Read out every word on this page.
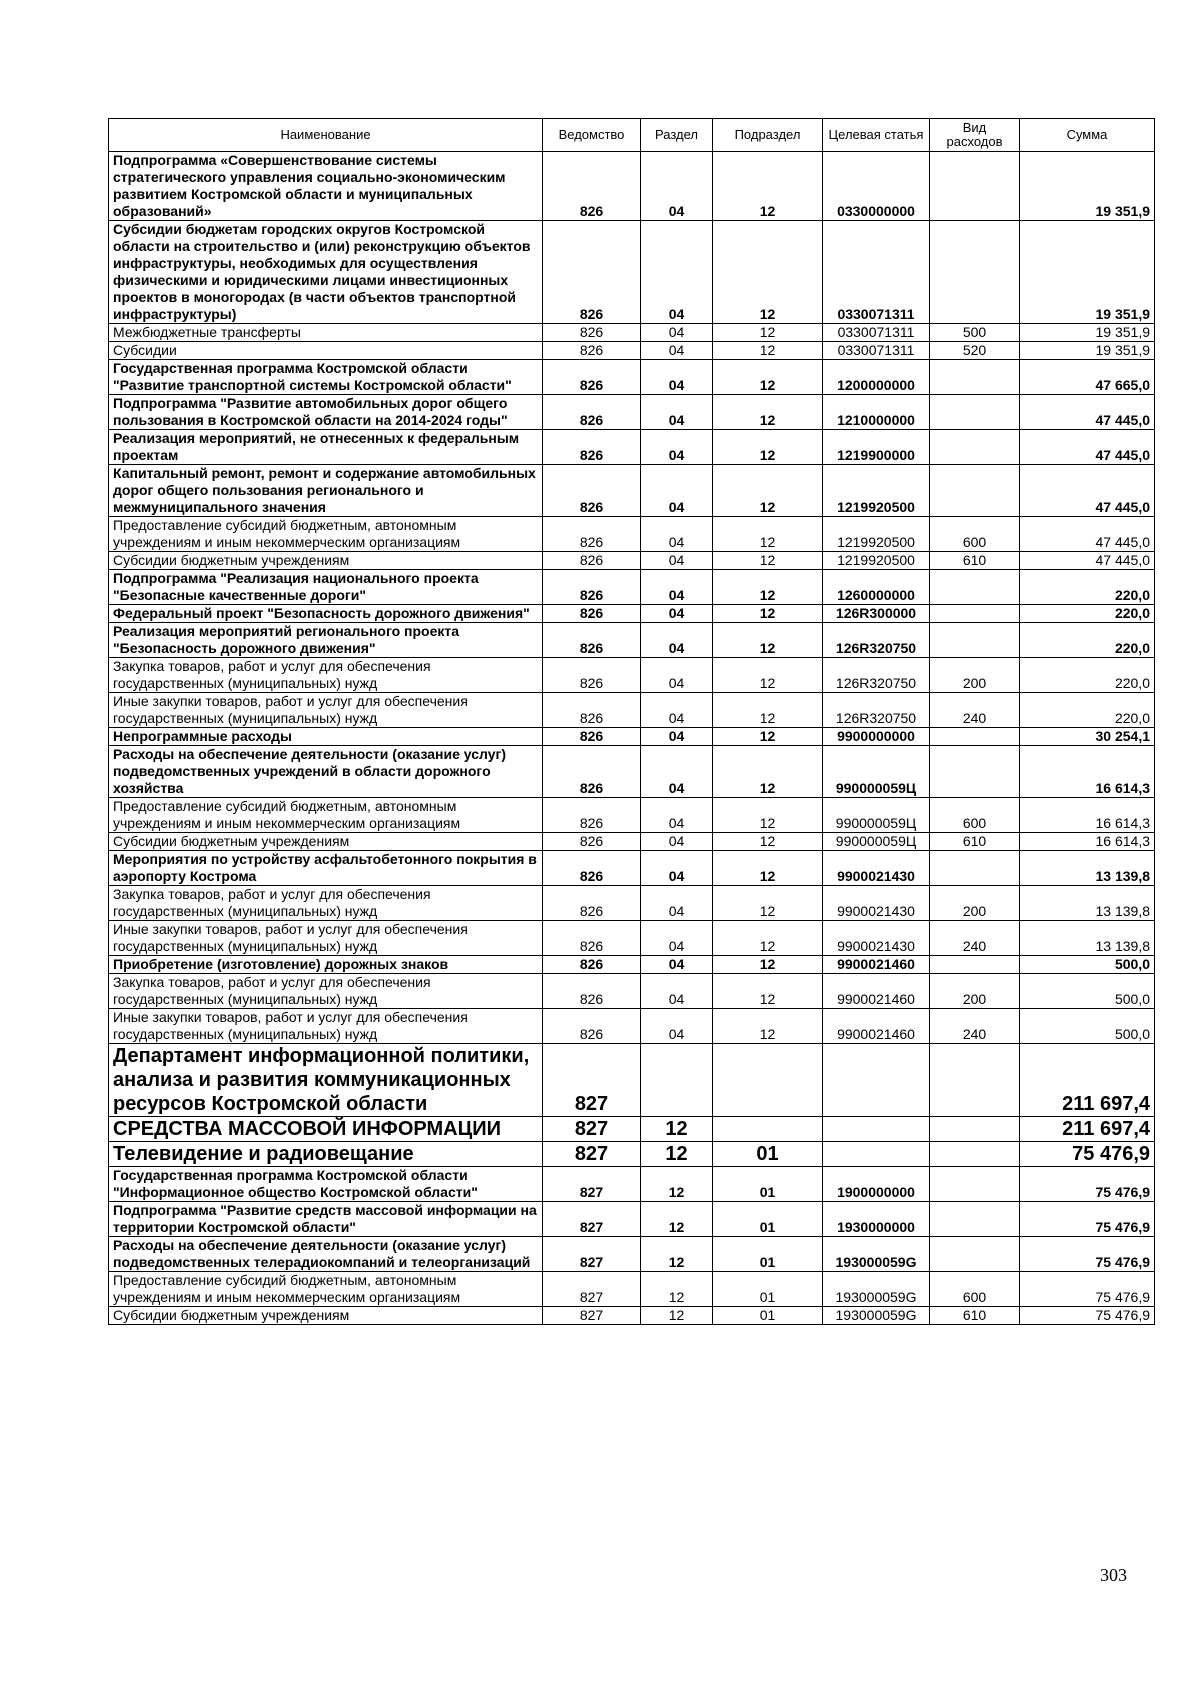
Наименование	Ведомство	Раздел	Подраздел	Целевая статья	Вид расходов	Сумма
Подпрограмма «Совершенствование системы стратегического управления социально-экономическим развитием Костромской области и муниципальных образований»	826	04	12	0330000000		19 351,9
Субсидии бюджетам городских округов Костромской области на строительство и (или) реконструкцию объектов инфраструктуры, необходимых для осуществления физическими и юридическими лицами инвестиционных проектов в моногородах (в части объектов транспортной инфраструктуры)	826	04	12	0330071311		19 351,9
Межбюджетные трансферты	826	04	12	0330071311	500	19 351,9
Субсидии	826	04	12	0330071311	520	19 351,9
Государственная программа Костромской области "Развитие транспортной системы Костромской области"	826	04	12	1200000000		47 665,0
Подпрограмма "Развитие автомобильных дорог общего пользования в Костромской области на 2014-2024 годы"	826	04	12	1210000000		47 445,0
Реализация мероприятий, не отнесенных к федеральным проектам	826	04	12	1219900000		47 445,0
Капитальный ремонт, ремонт и содержание автомобильных дорог общего пользования регионального и межмуниципального значения	826	04	12	1219920500		47 445,0
Предоставление субсидий бюджетным, автономным учреждениям и иным некоммерческим организациям	826	04	12	1219920500	600	47 445,0
Субсидии бюджетным учреждениям	826	04	12	1219920500	610	47 445,0
Подпрограмма "Реализация национального проекта "Безопасные качественные дороги"	826	04	12	1260000000		220,0
Федеральный проект "Безопасность дорожного движения"	826	04	12	126R300000		220,0
Реализация мероприятий регионального проекта "Безопасность дорожного движения"	826	04	12	126R320750		220,0
Закупка товаров, работ и услуг для обеспечения государственных (муниципальных) нужд	826	04	12	126R320750	200	220,0
Иные закупки товаров, работ и услуг для обеспечения государственных (муниципальных) нужд	826	04	12	126R320750	240	220,0
Непрограммные расходы	826	04	12	9900000000		30 254,1
Расходы на обеспечение деятельности (оказание услуг) подведомственных учреждений в области дорожного хозяйства	826	04	12	990000059Ц		16 614,3
Предоставление субсидий бюджетным, автономным учреждениям и иным некоммерческим организациям	826	04	12	990000059Ц	600	16 614,3
Субсидии бюджетным учреждениям	826	04	12	990000059Ц	610	16 614,3
Мероприятия по устройству асфальтобетонного покрытия в аэропорту Кострома	826	04	12	9900021430		13 139,8
Закупка товаров, работ и услуг для обеспечения государственных (муниципальных) нужд	826	04	12	9900021430	200	13 139,8
Иные закупки товаров, работ и услуг для обеспечения государственных (муниципальных) нужд	826	04	12	9900021430	240	13 139,8
Приобретение (изготовление) дорожных знаков	826	04	12	9900021460		500,0
Закупка товаров, работ и услуг для обеспечения государственных (муниципальных) нужд	826	04	12	9900021460	200	500,0
Иные закупки товаров, работ и услуг для обеспечения государственных (муниципальных) нужд	826	04	12	9900021460	240	500,0
Департамент информационной политики, анализа и развития коммуникационных ресурсов Костромской области	827					211 697,4
СРЕДСТВА МАССОВОЙ ИНФОРМАЦИИ	827	12				211 697,4
Телевидение и радиовещание	827	12	01			75 476,9
Государственная программа Костромской области "Информационное общество Костромской области"	827	12	01	1900000000		75 476,9
Подпрограмма "Развитие средств массовой информации на территории Костромской области"	827	12	01	1930000000		75 476,9
Расходы на обеспечение деятельности (оказание услуг) подведомственных телерадиокомпаний и телеорганизаций	827	12	01	193000059G		75 476,9
Предоставление субсидий бюджетным, автономным учреждениям и иным некоммерческим организациям	827	12	01	193000059G	600	75 476,9
Субсидии бюджетным учреждениям	827	12	01	193000059G	610	75 476,9
303
